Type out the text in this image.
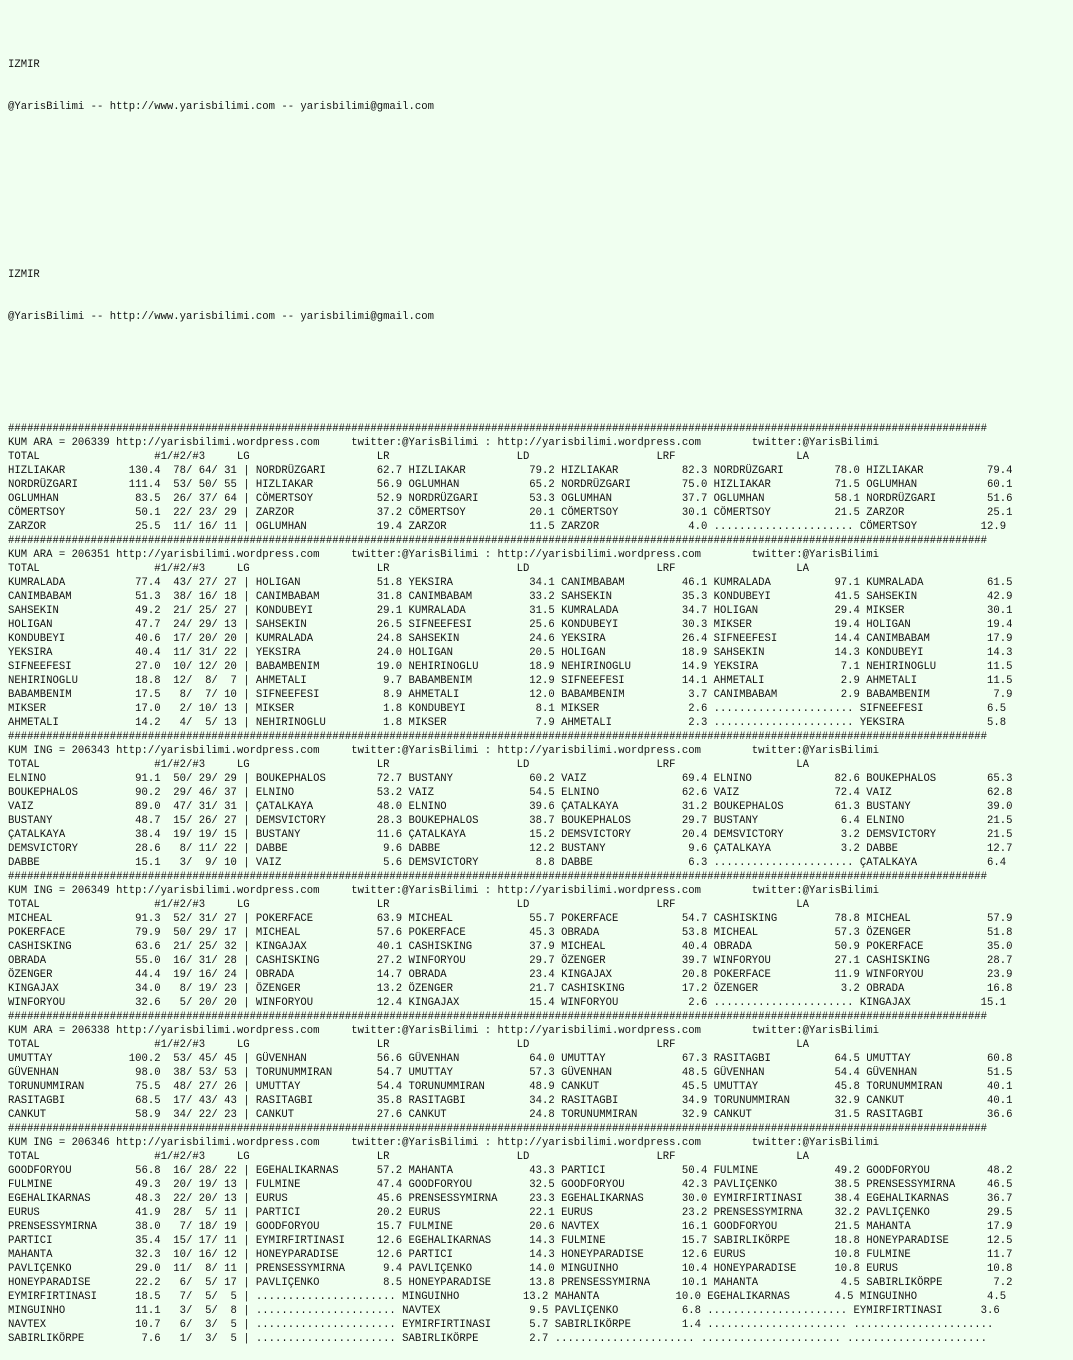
IZMIR

@YarisBilimi -- http://www.yarisbilimi.com -- yarisbilimi@gmail.com

IZMIR

@YarisBilimi -- http://www.yarisbilimi.com -- yarisbilimi@gmail.com

##########################################################################################################################################################
KUM ARA = 206339 http://yarisbilimi.wordpress.com     twitter:@YarisBilimi : http://yarisbilimi.wordpress.com        twitter:@YarisBilimi
TOTAL                  #1/#2/#3     LG                    LR                    LD                    LRF                   LA
HIZLIAKAR          130.4  78/ 64/ 31 | NORDRÜZGARI        62.7 HIZLIAKAR          79.2 HIZLIAKAR          82.3 NORDRÜZGARI        78.0 HIZLIAKAR          79.4
NORDRÜZGARI        111.4  53/ 50/ 55 | HIZLIAKAR          56.9 OGLUMHAN           65.2 NORDRÜZGARI        75.0 HIZLIAKAR          71.5 OGLUMHAN           60.1
OGLUMHAN            83.5  26/ 37/ 64 | CÖMERTSOY          52.9 NORDRÜZGARI        53.3 OGLUMHAN           37.7 OGLUMHAN           58.1 NORDRÜZGARI        51.6
CÖMERTSOY           50.1  22/ 23/ 29 | ZARZOR             37.2 CÖMERTSOY          20.1 CÖMERTSOY          30.1 CÖMERTSOY          21.5 ZARZOR             25.1
ZARZOR              25.5  11/ 16/ 11 | OGLUMHAN           19.4 ZARZOR             11.5 ZARZOR              4.0 ...................... CÖMERTSOY          12.9
##########################################################################################################################################################
KUM ARA = 206351 http://yarisbilimi.wordpress.com     twitter:@YarisBilimi : http://yarisbilimi.wordpress.com        twitter:@YarisBilimi
TOTAL                  #1/#2/#3     LG                    LR                    LD                    LRF                   LA
KUMRALADA           77.4  43/ 27/ 27 | HOLIGAN            51.8 YEKSIRA            34.1 CANIMBABAM         46.1 KUMRALADA          97.1 KUMRALADA          61.5
CANIMBABAM          51.3  38/ 16/ 18 | CANIMBABAM         31.8 CANIMBABAM         33.2 SAHSEKIN           35.3 KONDUBEYI          41.5 SAHSEKIN           42.9
SAHSEKIN            49.2  21/ 25/ 27 | KONDUBEYI          29.1 KUMRALADA          31.5 KUMRALADA          34.7 HOLIGAN            29.4 MIKSER             30.1
HOLIGAN             47.7  24/ 29/ 13 | SAHSEKIN           26.5 SIFNEEFESI         25.6 KONDUBEYI          30.3 MIKSER             19.4 HOLIGAN            19.4
KONDUBEYI           40.6  17/ 20/ 20 | KUMRALADA          24.8 SAHSEKIN           24.6 YEKSIRA            26.4 SIFNEEFESI         14.4 CANIMBABAM         17.9
YEKSIRA             40.4  11/ 31/ 22 | YEKSIRA            24.0 HOLIGAN            20.5 HOLIGAN            18.9 SAHSEKIN           14.3 KONDUBEYI          14.3
SIFNEEFESI          27.0  10/ 12/ 20 | BABAMBENIM         19.0 NEHIRINOGLU        18.9 NEHIRINOGLU        14.9 YEKSIRA             7.1 NEHIRINOGLU        11.5
NEHIRINOGLU         18.8  12/  8/  7 | AHMETALI            9.7 BABAMBENIM         12.9 SIFNEEFESI         14.1 AHMETALI            2.9 AHMETALI           11.5
BABAMBENIM          17.5   8/  7/ 10 | SIFNEEFESI          8.9 AHMETALI           12.0 BABAMBENIM          3.7 CANIMBABAM          2.9 BABAMBENIM          7.9
MIKSER              17.0   2/ 10/ 13 | MIKSER              1.8 KONDUBEYI           8.1 MIKSER              2.6 ...................... SIFNEEFESI          6.5
AHMETALI            14.2   4/  5/ 13 | NEHIRINOGLU         1.8 MIKSER              7.9 AHMETALI            2.3 ...................... YEKSIRA             5.8
##########################################################################################################################################################
KUM ING = 206343 http://yarisbilimi.wordpress.com     twitter:@YarisBilimi : http://yarisbilimi.wordpress.com        twitter:@YarisBilimi
TOTAL                  #1/#2/#3     LG                    LR                    LD                    LRF                   LA
ELNINO              91.1  50/ 29/ 29 | BOUKEPHALOS        72.7 BUSTANY            60.2 VAIZ               69.4 ELNINO             82.6 BOUKEPHALOS        65.3
BOUKEPHALOS         90.2  29/ 46/ 37 | ELNINO             53.2 VAIZ               54.5 ELNINO             62.6 VAIZ               72.4 VAIZ               62.8
VAIZ                89.0  47/ 31/ 31 | ÇATALKAYA          48.0 ELNINO             39.6 ÇATALKAYA          31.2 BOUKEPHALOS        61.3 BUSTANY            39.0
BUSTANY             48.7  15/ 26/ 27 | DEMSVICTORY        28.3 BOUKEPHALOS        38.7 BOUKEPHALOS        29.7 BUSTANY             6.4 ELNINO             21.5
ÇATALKAYA           38.4  19/ 19/ 15 | BUSTANY            11.6 ÇATALKAYA          15.2 DEMSVICTORY        20.4 DEMSVICTORY         3.2 DEMSVICTORY        21.5
DEMSVICTORY         28.6   8/ 11/ 22 | DABBE               9.6 DABBE              12.2 BUSTANY             9.6 ÇATALKAYA           3.2 DABBE              12.7
DABBE               15.1   3/  9/ 10 | VAIZ                5.6 DEMSVICTORY         8.8 DABBE               6.3 ...................... ÇATALKAYA           6.4
##########################################################################################################################################################
KUM ING = 206349 http://yarisbilimi.wordpress.com     twitter:@YarisBilimi : http://yarisbilimi.wordpress.com        twitter:@YarisBilimi
TOTAL                  #1/#2/#3     LG                    LR                    LD                    LRF                   LA
MICHEAL             91.3  52/ 31/ 27 | POKERFACE          63.9 MICHEAL            55.7 POKERFACE          54.7 CASHISKING         78.8 MICHEAL            57.9
POKERFACE           79.9  50/ 29/ 17 | MICHEAL            57.6 POKERFACE          45.3 OBRADA             53.8 MICHEAL            57.3 ÖZENGER            51.8
CASHISKING          63.6  21/ 25/ 32 | KINGAJAX           40.1 CASHISKING         37.9 MICHEAL            40.4 OBRADA             50.9 POKERFACE          35.0
OBRADA              55.0  16/ 31/ 28 | CASHISKING         27.2 WINFORYOU          29.7 ÖZENGER            39.7 WINFORYOU          27.1 CASHISKING         28.7
ÖZENGER             44.4  19/ 16/ 24 | OBRADA             14.7 OBRADA             23.4 KINGAJAX           20.8 POKERFACE          11.9 WINFORYOU          23.9
KINGAJAX            34.0   8/ 19/ 23 | ÖZENGER            13.2 ÖZENGER            21.7 CASHISKING         17.2 ÖZENGER             3.2 OBRADA             16.8
WINFORYOU           32.6   5/ 20/ 20 | WINFORYOU          12.4 KINGAJAX           15.4 WINFORYOU           2.6 ...................... KINGAJAX           15.1
##########################################################################################################################################################
KUM ARA = 206338 http://yarisbilimi.wordpress.com     twitter:@YarisBilimi : http://yarisbilimi.wordpress.com        twitter:@YarisBilimi
TOTAL                  #1/#2/#3     LG                    LR                    LD                    LRF                   LA
UMUTTAY            100.2  53/ 45/ 45 | GÜVENHAN           56.6 GÜVENHAN           64.0 UMUTTAY            67.3 RASITAGBI          64.5 UMUTTAY            60.8
GÜVENHAN            98.0  38/ 53/ 53 | TORUNUMMIRAN       54.7 UMUTTAY            57.3 GÜVENHAN           48.5 GÜVENHAN           54.4 GÜVENHAN           51.5
TORUNUMMIRAN        75.5  48/ 27/ 26 | UMUTTAY            54.4 TORUNUMMIRAN       48.9 CANKUT             45.5 UMUTTAY            45.8 TORUNUMMIRAN       40.1
RASITAGBI           68.5  17/ 43/ 43 | RASITAGBI          35.8 RASITAGBI          34.2 RASITAGBI          34.9 TORUNUMMIRAN       32.9 CANKUT             40.1
CANKUT              58.9  34/ 22/ 23 | CANKUT             27.6 CANKUT             24.8 TORUNUMMIRAN       32.9 CANKUT             31.5 RASITAGBI          36.6
##########################################################################################################################################################
KUM ING = 206346 http://yarisbilimi.wordpress.com     twitter:@YarisBilimi : http://yarisbilimi.wordpress.com        twitter:@YarisBilimi
TOTAL                  #1/#2/#3     LG                    LR                    LD                    LRF                   LA
GOODFORYOU          56.8  16/ 28/ 22 | EGEHALIKARNAS      57.2 MAHANTA            43.3 PARTICI            50.4 FULMINE            49.2 GOODFORYOU         48.2
FULMINE             49.3  20/ 19/ 13 | FULMINE            47.4 GOODFORYOU         32.5 GOODFORYOU         42.3 PAVLIÇENKO         38.5 PRENSESSYMIRNA     46.5
EGEHALIKARNAS       48.3  22/ 20/ 13 | EURUS              45.6 PRENSESSYMIRNA     23.3 EGEHALIKARNAS      30.0 EYMIRFIRTINASI     38.4 EGEHALIKARNAS      36.7
EURUS               41.9  28/  5/ 11 | PARTICI            20.2 EURUS              22.1 EURUS              23.2 PRENSESSYMIRNA     32.2 PAVLIÇENKO         29.5
PRENSESSYMIRNA      38.0   7/ 18/ 19 | GOODFORYOU         15.7 FULMINE            20.6 NAVTEX             16.1 GOODFORYOU         21.5 MAHANTA            17.9
PARTICI             35.4  15/ 17/ 11 | EYMIRFIRTINASI     12.6 EGEHALIKARNAS      14.3 FULMINE            15.7 SABIRLIKÖRPE       18.8 HONEYPARADISE      12.5
MAHANTA             32.3  10/ 16/ 12 | HONEYPARADISE      12.6 PARTICI            14.3 HONEYPARADISE      12.6 EURUS              10.8 FULMINE            11.7
PAVLIÇENKO          29.0  11/  8/ 11 | PRENSESSYMIRNA      9.4 PAVLIÇENKO         14.0 MINGUINHO          10.4 HONEYPARADISE      10.8 EURUS              10.8
HONEYPARADISE       22.2   6/  5/ 17 | PAVLIÇENKO          8.5 HONEYPARADISE      13.8 PRENSESSYMIRNA     10.1 MAHANTA             4.5 SABIRLIKÖRPE        7.2
EYMIRFIRTINASI      18.5   7/  5/  5 | ...................... MINGUINHO          13.2 MAHANTA            10.0 EGEHALIKARNAS       4.5 MINGUINHO           4.5
MINGUINHO           11.1   3/  5/  8 | ...................... NAVTEX              9.5 PAVLIÇENKO          6.8 ...................... EYMIRFIRTINASI      3.6
NAVTEX              10.7   6/  3/  5 | ...................... EYMIRFIRTINASI      5.7 SABIRLIKÖRPE        1.4 ...................... ......................
SABIRLIKÖRPE         7.6   1/  3/  5 | ...................... SABIRLIKÖRPE        2.7 ...................... ...................... ......................
